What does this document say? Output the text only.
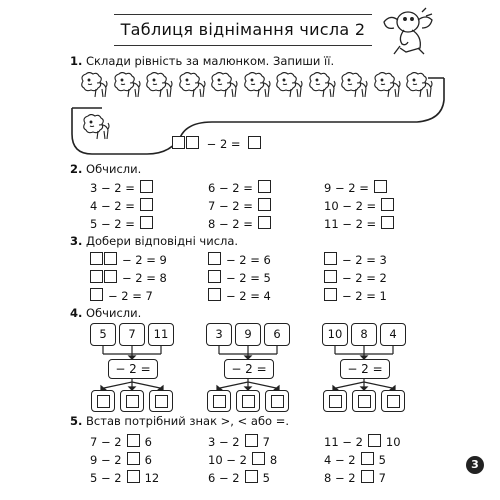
Таблиця віднімання числа 2
1. Склади рівність за малюнком. Запиши її.
− 2 =
2. Обчисли.
3 − 2 =
4 − 2 =
5 − 2 =
6 − 2 =
7 − 2 =
8 − 2 =
9 − 2 =
10 − 2 =
11 − 2 =
3. Добери відповідні числа.
− 2 = 9
− 2 = 8
− 2 = 7
− 2 = 6
− 2 = 5
− 2 = 4
− 2 = 3
− 2 = 2
− 2 = 1
4. Обчисли.
5	7	11
− 2 =
3	9	6
− 2 =
10	8	4
− 2 =
5. Встав потрібний знак >, < або =.
7 − 2 6
9 − 2 6
5 − 2 12
3 − 2 7
10 − 2 8
6 − 2 5
11 − 2 10
4 − 2 5
8 − 2 7
3
